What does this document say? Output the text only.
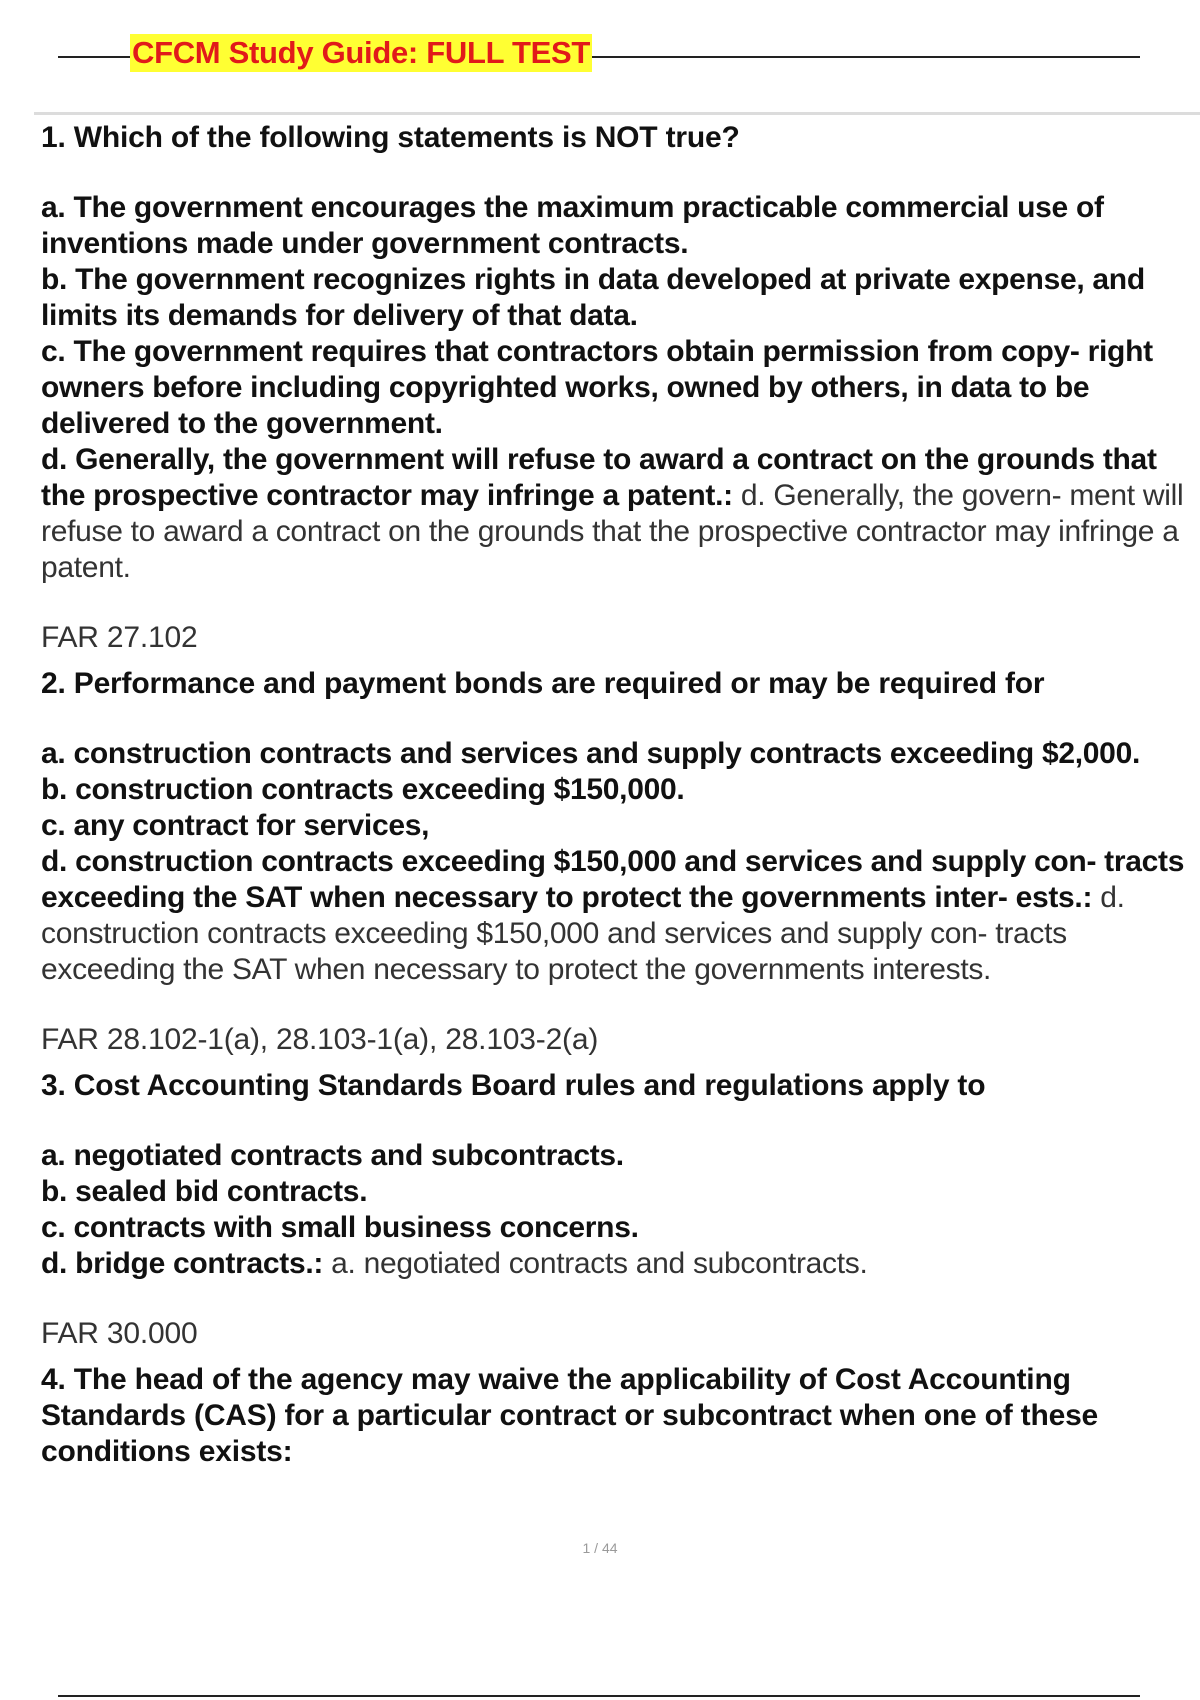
CFCM Study Guide: FULL TEST

1. Which of the following statements is NOT true?

a. The government encourages the maximum practicable commercial use of inventions made under government contracts.

b. The government recognizes rights in data developed at private expense, and limits its demands for delivery of that data.

c. The government requires that contractors obtain permission from copy- right owners before including copyrighted works, owned by others, in data to be delivered to the government.

d. Generally, the government will refuse to award a contract on the grounds that the prospective contractor may infringe a patent.: d. Generally, the govern- ment will refuse to award a contract on the grounds that the prospective contractor may infringe a patent.

FAR 27.102

2. Performance and payment bonds are required or may be required for

a. construction contracts and services and supply contracts exceeding $2,000.

b. construction contracts exceeding $150,000.

c. any contract for services,

d. construction contracts exceeding $150,000 and services and supply con- tracts exceeding the SAT when necessary to protect the governments inter- ests.: d. construction contracts exceeding $150,000 and services and supply con- tracts exceeding the SAT when necessary to protect the governments interests.

FAR 28.102-1(a), 28.103-1(a), 28.103-2(a)

3. Cost Accounting Standards Board rules and regulations apply to

a. negotiated contracts and subcontracts.

b. sealed bid contracts.

c. contracts with small business concerns.

d. bridge contracts.: a. negotiated contracts and subcontracts.

FAR 30.000

4. The head of the agency may waive the applicability of Cost Accounting Standards (CAS) for a particular contract or subcontract when one of these conditions exists:

1 / 44
